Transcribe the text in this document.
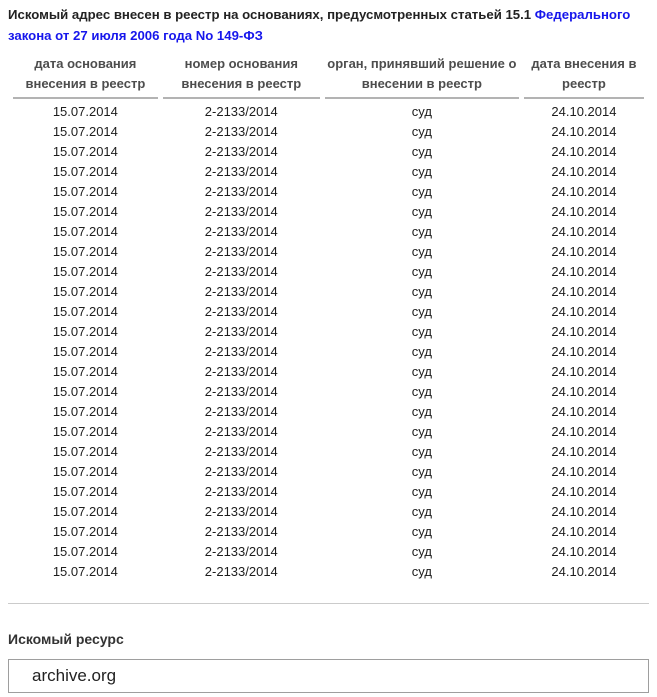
Искомый адрес внесен в реестр на основаниях, предусмотренных статьей 15.1 Федерального
закона от 27 июля 2006 года No 149-ФЗ
дата основания внесения в реестр	номер основания внесения в реестр	орган, принявший решение о внесении в реестр	дата внесения в реестр
15.07.2014	2-2133/2014	суд	24.10.2014
15.07.2014	2-2133/2014	суд	24.10.2014
15.07.2014	2-2133/2014	суд	24.10.2014
15.07.2014	2-2133/2014	суд	24.10.2014
15.07.2014	2-2133/2014	суд	24.10.2014
15.07.2014	2-2133/2014	суд	24.10.2014
15.07.2014	2-2133/2014	суд	24.10.2014
15.07.2014	2-2133/2014	суд	24.10.2014
15.07.2014	2-2133/2014	суд	24.10.2014
15.07.2014	2-2133/2014	суд	24.10.2014
15.07.2014	2-2133/2014	суд	24.10.2014
15.07.2014	2-2133/2014	суд	24.10.2014
15.07.2014	2-2133/2014	суд	24.10.2014
15.07.2014	2-2133/2014	суд	24.10.2014
15.07.2014	2-2133/2014	суд	24.10.2014
15.07.2014	2-2133/2014	суд	24.10.2014
15.07.2014	2-2133/2014	суд	24.10.2014
15.07.2014	2-2133/2014	суд	24.10.2014
15.07.2014	2-2133/2014	суд	24.10.2014
15.07.2014	2-2133/2014	суд	24.10.2014
15.07.2014	2-2133/2014	суд	24.10.2014
15.07.2014	2-2133/2014	суд	24.10.2014
15.07.2014	2-2133/2014	суд	24.10.2014
15.07.2014	2-2133/2014	суд	24.10.2014
Искомый ресурс
archive.org
